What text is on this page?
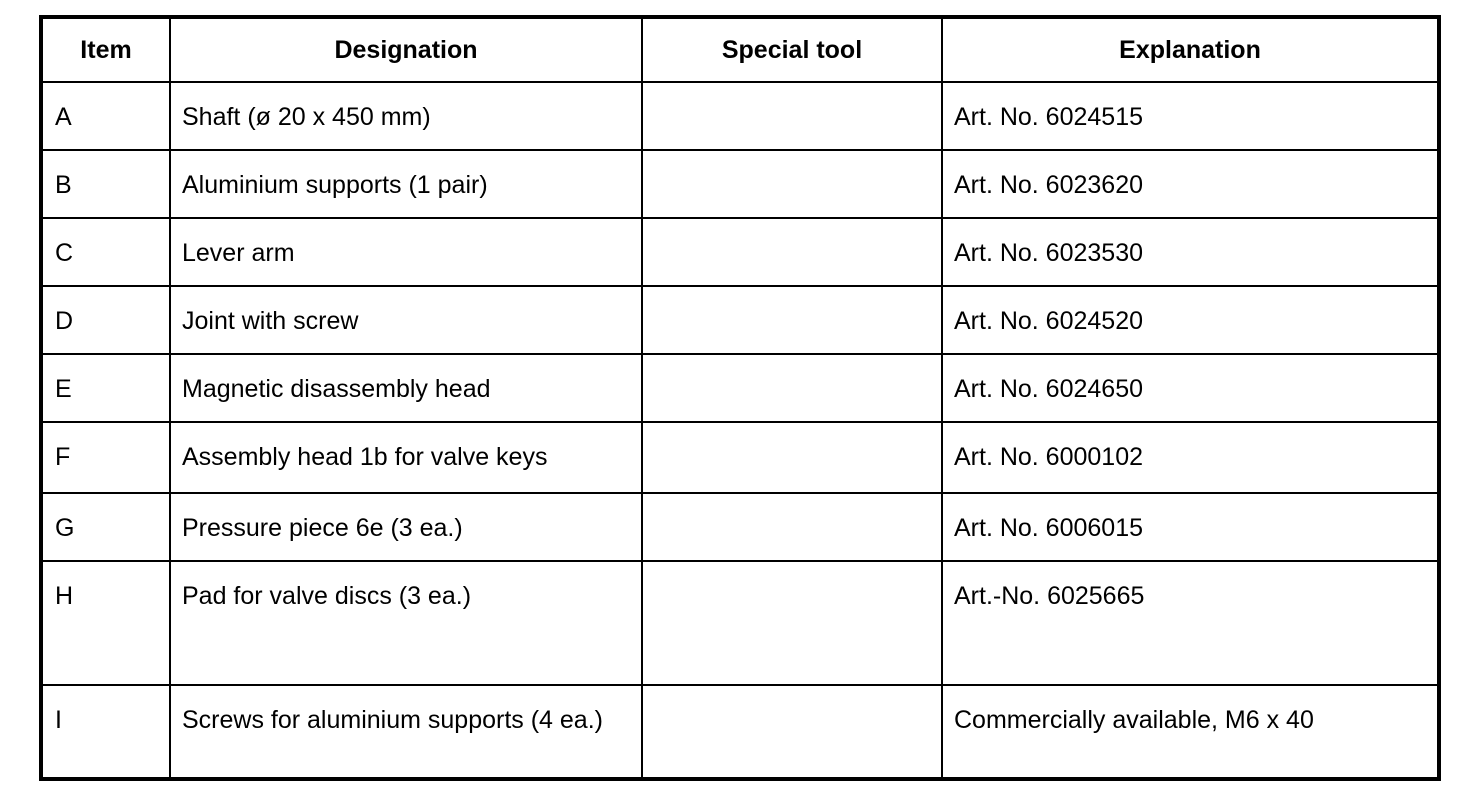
Item	Designation	Special tool	Explanation
A	Shaft (ø 20 x 450 mm)		Art. No. 6024515
B	Aluminium supports (1 pair)		Art. No. 6023620
C	Lever arm		Art. No. 6023530
D	Joint with screw		Art. No. 6024520
E	Magnetic disassembly head		Art. No. 6024650
F	Assembly head 1b for valve keys		Art. No. 6000102
G	Pressure piece 6e (3 ea.)		Art. No. 6006015
H	Pad for valve discs (3 ea.)		Art.-No. 6025665
I	Screws for aluminium supports (4 ea.)		Commercially available, M6 x 40
